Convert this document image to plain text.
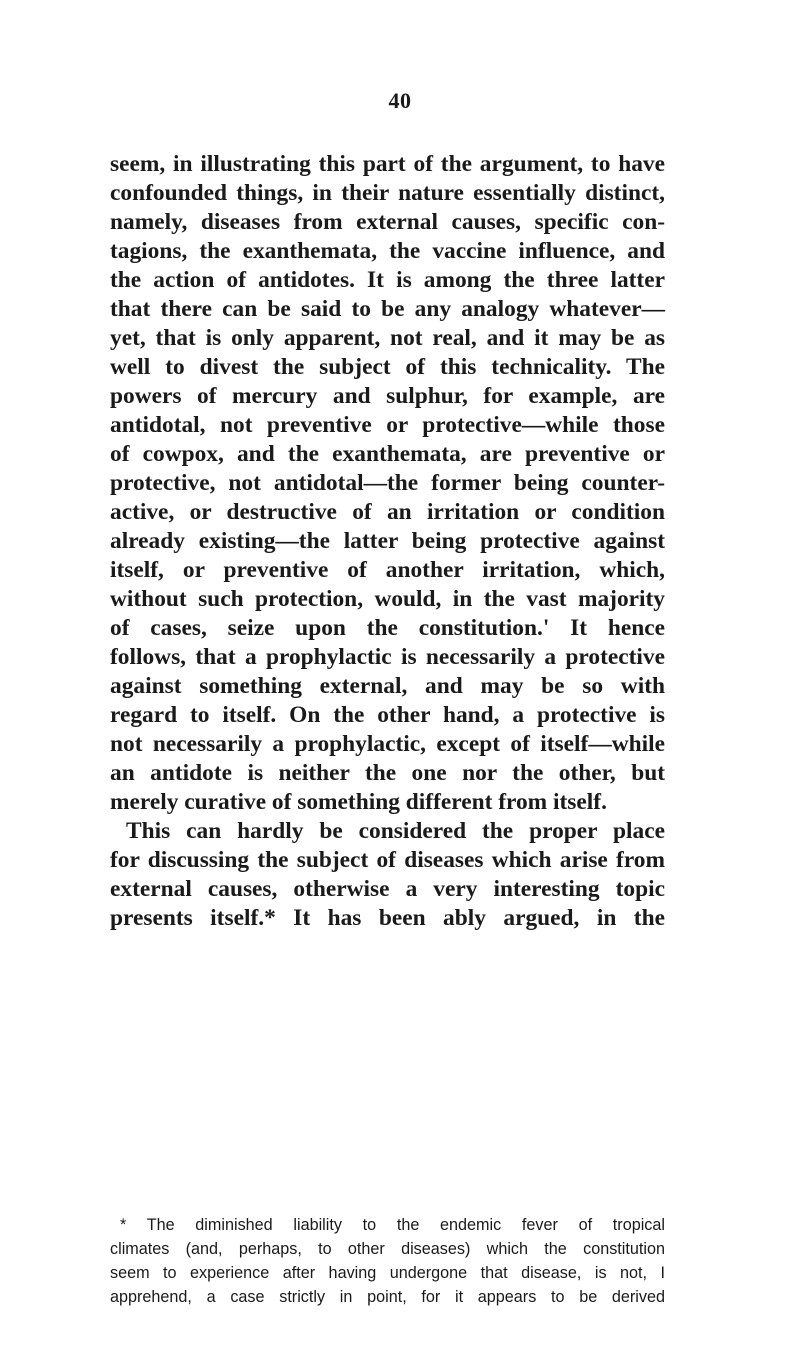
40
seem, in illustrating this part of the argument, to have
confounded things, in their nature essentially distinct,
namely, diseases from external causes, specific con-
tagions, the exanthemata, the vaccine influence, and
the action of antidotes. It is among the three latter
that there can be said to be any analogy whatever—
yet, that is only apparent, not real, and it may be as
well to divest the subject of this technicality. The
powers of mercury and sulphur, for example, are
antidotal, not preventive or protective—while those
of cowpox, and the exanthemata, are preventive or
protective, not antidotal—the former being counter-
active, or destructive of an irritation or condition
already existing—the latter being protective against
itself, or preventive of another irritation, which,
without such protection, would, in the vast majority
of cases, seize upon the constitution.' It hence
follows, that a prophylactic is necessarily a protective
against something external, and may be so with
regard to itself. On the other hand, a protective is
not necessarily a prophylactic, except of itself—while
an antidote is neither the one nor the other, but
merely curative of something different from itself.
This can hardly be considered the proper place
for discussing the subject of diseases which arise from
external causes, otherwise a very interesting topic
presents itself.* It has been ably argued, in the
* The diminished liability to the endemic fever of tropical
climates (and, perhaps, to other diseases) which the constitution
seem to experience after having undergone that disease, is not, I
apprehend, a case strictly in point, for it appears to be derived
